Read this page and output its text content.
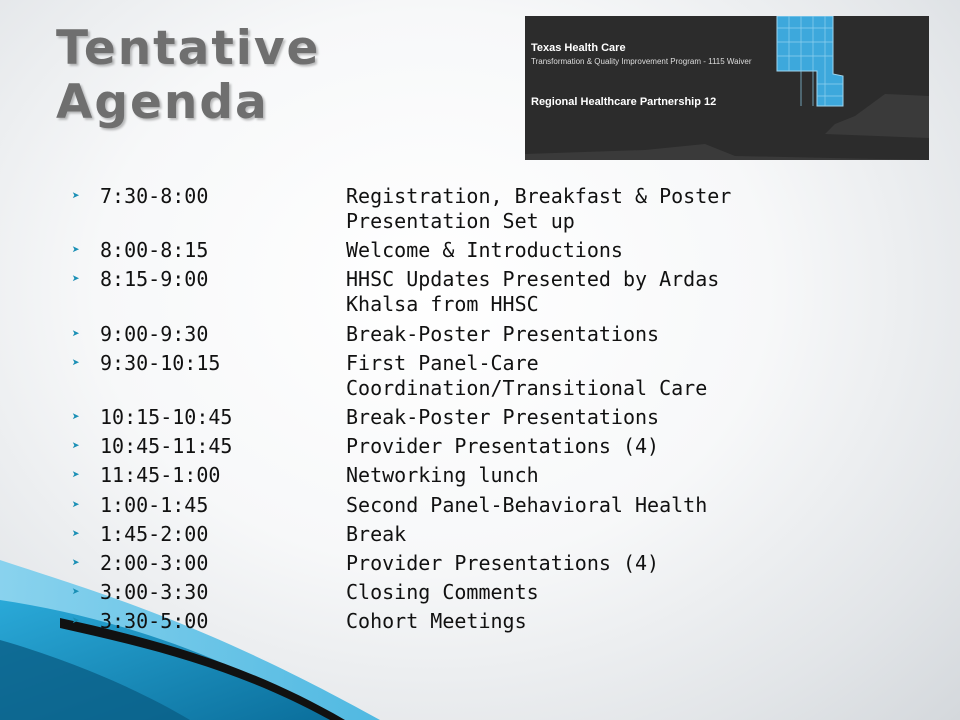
Tentative Agenda
Texas Health Care
Transformation & Quality Improvement Program - 1115 Waiver
Regional Healthcare Partnership 12
➤	7:30-8:00	Registration, Breakfast & Poster Presentation Set up
➤	8:00-8:15	Welcome & Introductions
➤	8:15-9:00	HHSC Updates Presented by Ardas Khalsa from HHSC
➤	9:00-9:30	Break-Poster Presentations
➤	9:30-10:15	First Panel-Care Coordination/Transitional Care
➤	10:15-10:45	Break-Poster Presentations
➤	10:45-11:45	Provider Presentations (4)
➤	11:45-1:00	Networking lunch
➤	1:00-1:45	Second Panel-Behavioral Health
➤	1:45-2:00	Break
➤	2:00-3:00	Provider Presentations (4)
➤	3:00-3:30	Closing Comments
➤	3:30-5:00	Cohort Meetings
